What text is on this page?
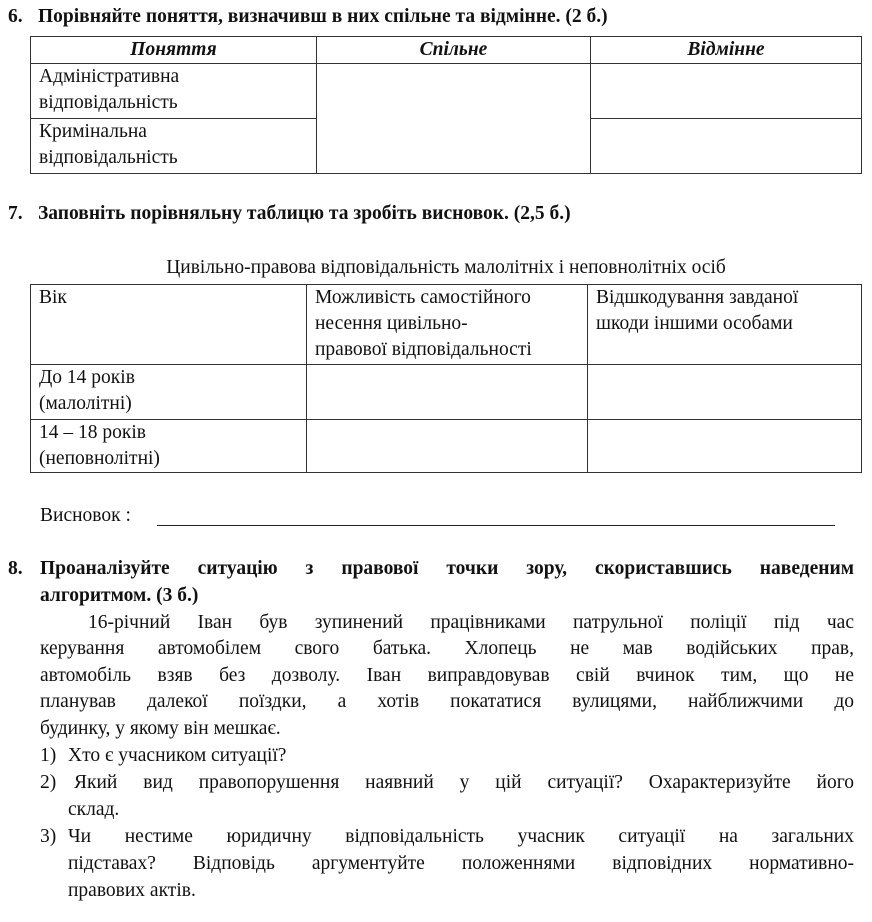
6. Порівняйте поняття, визначивш в них спільне та відмінне. (2 б.)
Поняття	Спільне	Відмінне
Адміністративна
відповідальність		
Кримінальна
відповідальність		
7. Заповніть порівняльну таблицю та зробіть висновок. (2,5 б.)
Цивільно-правова відповідальність малолітніх і неповнолітніх осіб
Вік	Можливість самостійного
несення цивільно-
правової відповідальності	Відшкодування завданої
шкоди іншими особами
До 14 років
(малолітні)		
14 – 18 років
(неповнолітні)		
Висновок :
8. Проаналізуйте ситуацію з правової точки зору, скориставшись наведеним
алгоритмом. (3 б.)
16-річний Іван був зупинений працівниками патрульної поліції під час
керування автомобілем свого батька. Хлопець не мав водійських прав,
автомобіль взяв без дозволу. Іван виправдовував свій вчинок тим, що не
планував далекої поїздки, а хотів покататися вулицями, найближчими до
будинку, у якому він мешкає.
1) Хто є учасником ситуації?
2) Який вид правопорушення наявний у цій ситуації? Охарактеризуйте його
склад.
3) Чи нестиме юридичну відповідальність учасник ситуації на загальних
підставах? Відповідь аргументуйте положеннями відповідних нормативно-
правових актів.
